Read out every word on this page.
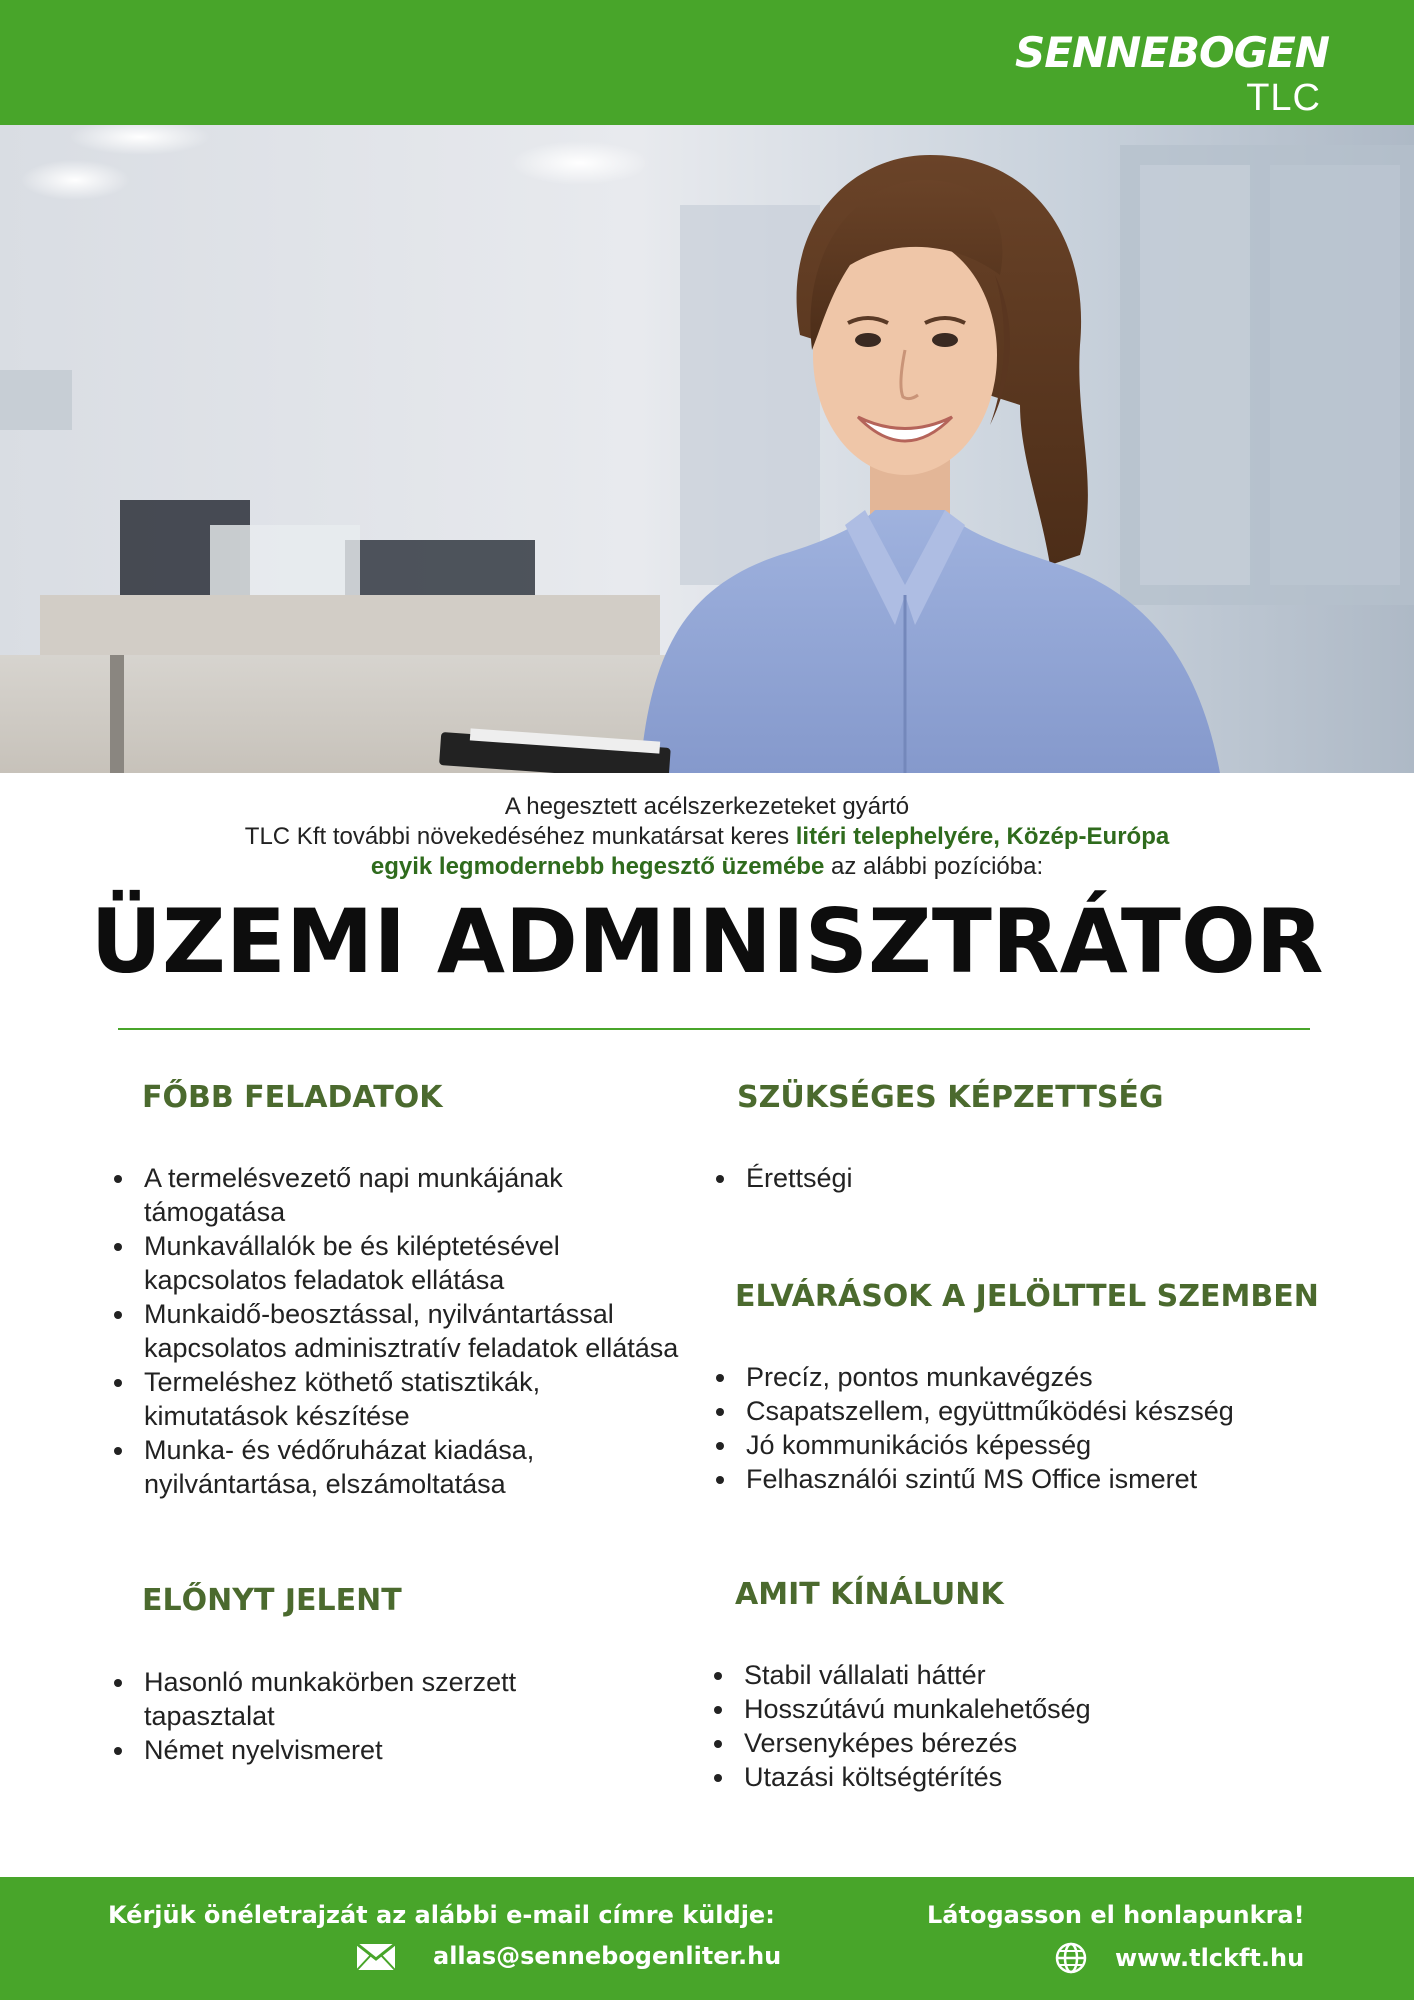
SENNEBOGEN
TLC
A hegesztett acélszerkezeteket gyártó
TLC Kft további növekedéséhez munkatársat keres litéri telephelyére, Közép-Európa
egyik legmodernebb hegesztő üzemébe az alábbi pozícióba:
ÜZEMI ADMINISZTRÁTOR
FŐBB FELADATOK
A termelésvezető napi munkájának támogatása
Munkavállalók be és kiléptetésével kapcsolatos feladatok ellátása
Munkaidő-beosztással, nyilvántartással kapcsolatos adminisztratív feladatok ellátása
Termeléshez köthető statisztikák, kimutatások készítése
Munka- és védőruházat kiadása, nyilvántartása, elszámoltatása
ELŐNYT JELENT
Hasonló munkakörben szerzett tapasztalat
Német nyelvismeret
SZÜKSÉGES KÉPZETTSÉG
Érettségi
ELVÁRÁSOK A JELÖLTTEL SZEMBEN
Precíz, pontos munkavégzés
Csapatszellem, együttműködési készség
Jó kommunikációs képesség
Felhasználói szintű MS Office ismeret
AMIT KÍNÁLUNK
Stabil vállalati háttér
Hosszútávú munkalehetőség
Versenyképes bérezés
Utazási költségtérítés
Kérjük önéletrajzát az alábbi e-mail címre küldje:
allas@sennebogenliter.hu
Látogasson el honlapunkra!
www.tlckft.hu
